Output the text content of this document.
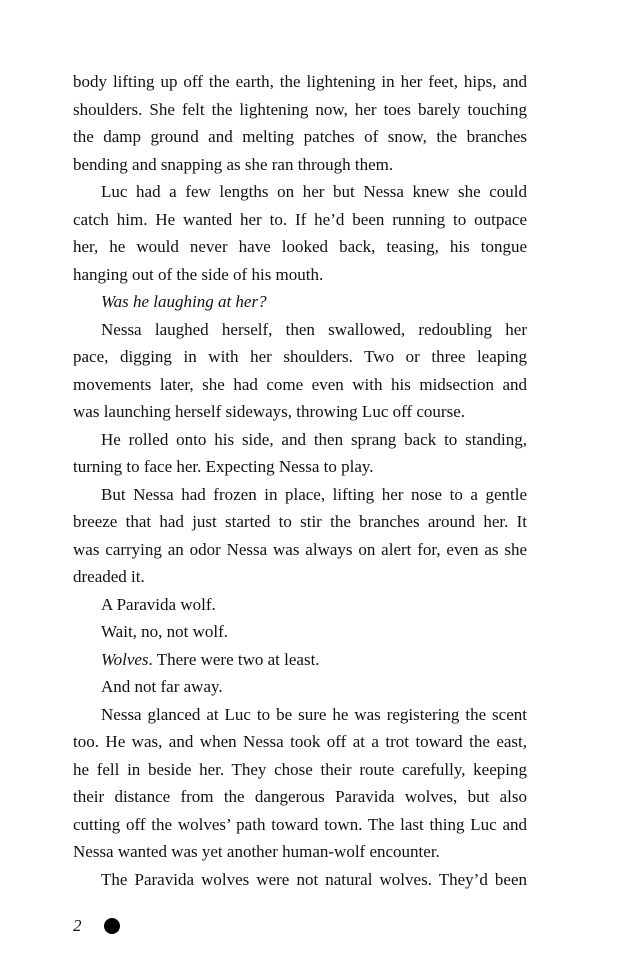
body lifting up off the earth, the lightening in her feet, hips, and
shoulders. She felt the lightening now, her toes barely touching
the damp ground and melting patches of snow, the branches
bending and snapping as she ran through them.
Luc had a few lengths on her but Nessa knew she could
catch him. He wanted her to. If he’d been running to outpace
her, he would never have looked back, teasing, his tongue
hanging out of the side of his mouth.
Was he laughing at her?
Nessa laughed herself, then swallowed, redoubling her
pace, digging in with her shoulders. Two or three leaping
movements later, she had come even with his midsection and
was launching herself sideways, throwing Luc off course.
He rolled onto his side, and then sprang back to standing,
turning to face her. Expecting Nessa to play.
But Nessa had frozen in place, lifting her nose to a gentle
breeze that had just started to stir the branches around her. It
was carrying an odor Nessa was always on alert for, even as she
dreaded it.
A Paravida wolf.
Wait, no, not wolf.
Wolves. There were two at least.
And not far away.
Nessa glanced at Luc to be sure he was registering the scent
too. He was, and when Nessa took off at a trot toward the east,
he fell in beside her. They chose their route carefully, keeping
their distance from the dangerous Paravida wolves, but also
cutting off the wolves’ path toward town. The last thing Luc and
Nessa wanted was yet another human-wolf encounter.
The Paravida wolves were not natural wolves. They’d been
2
